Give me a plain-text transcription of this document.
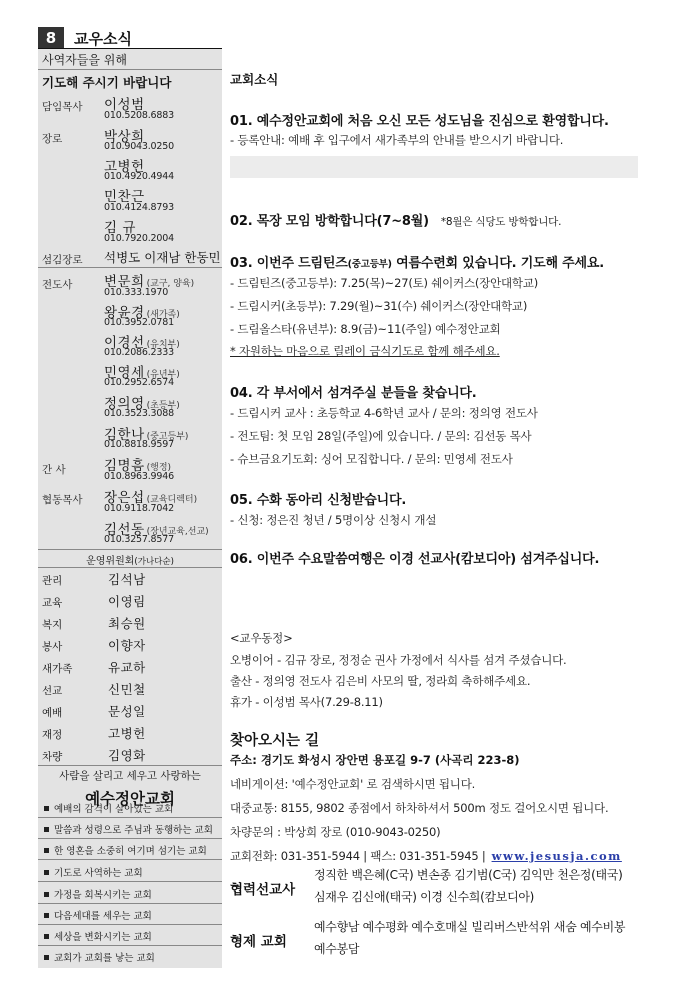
8	교우소식
사역자들을 위해
기도해 주시기 바랍니다
담임목사 이성범
010.5208.6883
장로	박상희
010.9043.0250
고병헌
010.4920.4944
민찬근
010.4124.8793
김 규
010.7920.2004
섬김장로 석병도 이재남 한동민
전도사 변문희 (교구, 양육)
010.333.1970
왕윤경 (새가족)
010.3952.0781
이경선 (유치부)
010.2086.2333
민영세 (유년부)
010.2952.6574
정의영 (초등부)
010.3523.3088
김한나 (중고등부)
010.8818.9597
간 사	김명흠 (행정)
010.8963.9946
협동목사 장은섭 (교육디렉터)
010.9118.7042
김선동 (장년교육,선교)
010.3257.8577
운영위원회(가나다순)
관리	김석남
교육	이영림
복지	최승원
봉사	이향자
새가족	유교하
선교	신민철
예배	문성일
재정	고병헌
차량	김영화
사람을 살리고 세우고 사랑하는
예수정안교회
예배의 감격이 살아있는 교회
말씀과 성령으로 주님과 동행하는 교회
한 영혼을 소중히 여기며 섬기는 교회
기도로 사역하는 교회
가정을 회복시키는 교회
다음세대를 세우는 교회
세상을 변화시키는 교회
교회가 교회를 낳는 교회
교회소식
01. 예수정안교회에 처음 오신 모든 성도님을 진심으로 환영합니다.
- 등록안내: 예배 후 입구에서 새가족부의 안내를 받으시기 바랍니다.
02. 목장 모임 방학합니다(7~8월) *8월은 식당도 방학합니다.
03. 이번주 드림틴즈(중고등부) 여름수련회 있습니다. 기도해 주세요.
- 드림틴즈(중고등부): 7.25(목)~27(토) 쉐이커스(장안대학교)
- 드림시커(초등부): 7.29(월)~31(수) 쉐이커스(장안대학교)
- 드림올스타(유년부): 8.9(금)~11(주일) 예수정안교회
* 자원하는 마음으로 릴레이 금식기도로 함께 해주세요.
04. 각 부서에서 섬겨주실 분들을 찾습니다.
- 드림시커 교사 : 초등학교 4-6학년 교사 / 문의: 정의영 전도사
- 전도팀: 첫 모임 28일(주일)에 있습니다. / 문의: 김선동 목사
- 슈브금요기도회: 싱어 모집합니다. / 문의: 민영세 전도사
05. 수화 동아리 신청받습니다.
- 신청: 정은진 청년 / 5명이상 신청시 개설
06. 이번주 수요말씀여행은 이경 선교사(캄보디아) 섬겨주십니다.
<교우동정>
오병이어 - 김규 장로, 정정순 권사 가정에서 식사를 섬겨 주셨습니다.
출산 - 정의영 전도사 김은비 사모의 딸, 정라희 축하해주세요.
휴가 - 이성범 목사(7.29-8.11)
찾아오시는 길
주소: 경기도 화성시 장안면 용포길 9-7 (사곡리 223-8)
네비게이션: '예수정안교회' 로 검색하시면 됩니다.
대중교통: 8155, 9802 종점에서 하차하셔서 500m 정도 걸어오시면 됩니다.
차량문의 : 박상희 장로 (010-9043-0250)
교회전화: 031-351-5944 | 팩스: 031-351-5945 | www.jesusja.com
협력선교사
정직한 백은혜(C국) 변손종 김기범(C국) 김익만 천은정(태국)
심재우 김신애(태국) 이경 신수희(캄보디아)
형제 교회
예수향남 예수평화 예수호매실 빌리버스반석위 새숨 예수비봉
예수봉담
